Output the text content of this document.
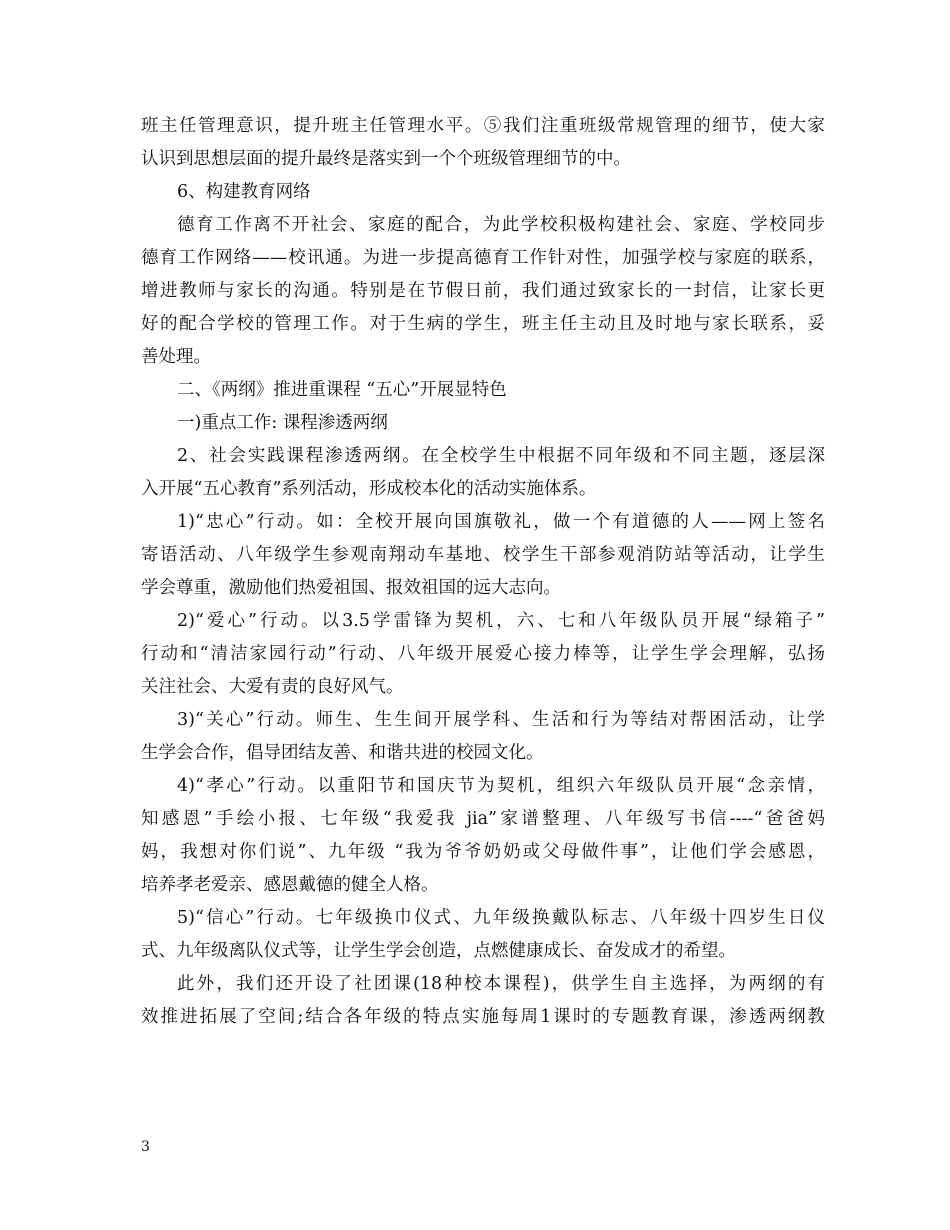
班主任管理意识，提升班主任管理水平。⑤我们注重班级常规管理的细节，使大家
认识到思想层面的提升最终是落实到一个个班级管理细节的中。
6、构建教育网络
德育工作离不开社会、家庭的配合，为此学校积极构建社会、家庭、学校同步
德育工作网络——校讯通。为进一步提高德育工作针对性，加强学校与家庭的联系，
增进教师与家长的沟通。特别是在节假日前，我们通过致家长的一封信，让家长更
好的配合学校的管理工作。对于生病的学生，班主任主动且及时地与家长联系，妥
善处理。
二、《两纲》推进重课程 “五心”开展显特色
一)重点工作: 课程渗透两纲
2、社会实践课程渗透两纲。在全校学生中根据不同年级和不同主题，逐层深
入开展“五心教育”系列活动，形成校本化的活动实施体系。
1)“忠心”行动。如：全校开展向国旗敬礼，做一个有道德的人——网上签名
寄语活动、八年级学生参观南翔动车基地、校学生干部参观消防站等活动，让学生
学会尊重，激励他们热爱祖国、报效祖国的远大志向。
2)“爱心”行动。以3.5学雷锋为契机，六、七和八年级队员开展“绿箱子”
行动和“清洁家园行动”行动、八年级开展爱心接力棒等，让学生学会理解，弘扬
关注社会、大爱有责的良好风气。
3)“关心”行动。师生、生生间开展学科、生活和行为等结对帮困活动，让学
生学会合作，倡导团结友善、和谐共进的校园文化。
4)“孝心”行动。以重阳节和国庆节为契机，组织六年级队员开展“念亲情，
知感恩”手绘小报、七年级“我爱我 jia”家谱整理、八年级写书信----“爸爸妈
妈，我想对你们说”、九年级 “我为爷爷奶奶或父母做件事”，让他们学会感恩，
培养孝老爱亲、感恩戴德的健全人格。
5)“信心”行动。七年级换巾仪式、九年级换戴队标志、八年级十四岁生日仪
式、九年级离队仪式等，让学生学会创造，点燃健康成长、奋发成才的希望。
此外，我们还开设了社团课(18种校本课程)，供学生自主选择，为两纲的有
效推进拓展了空间;结合各年级的特点实施每周1课时的专题教育课，渗透两纲教
3
